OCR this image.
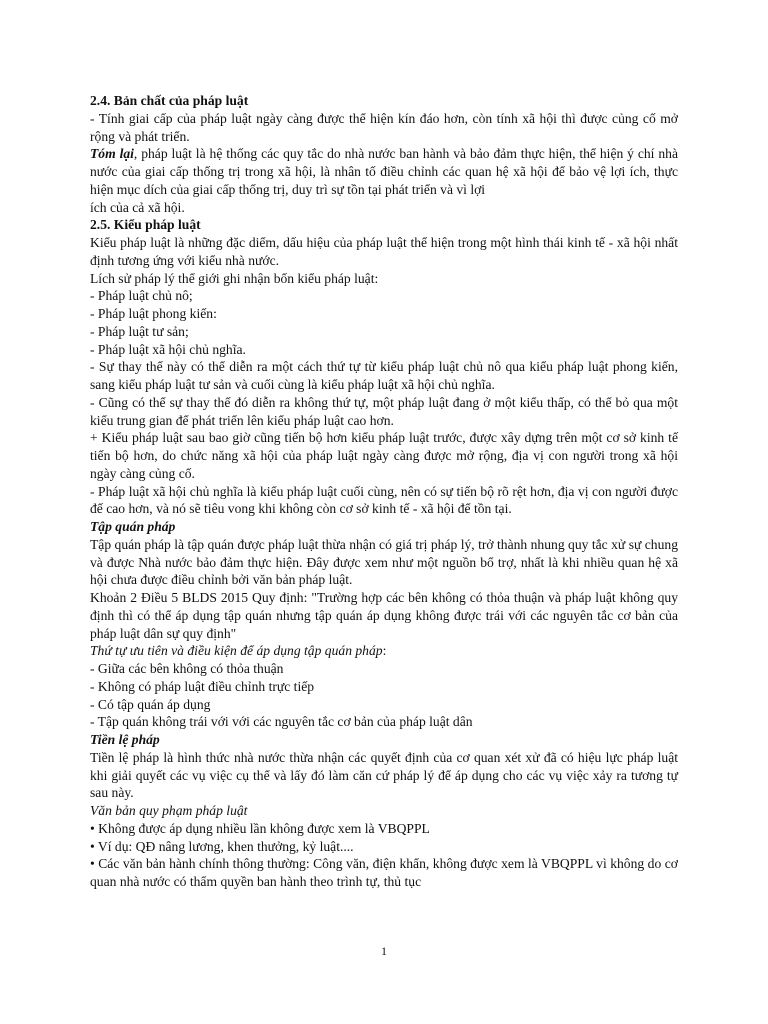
2.4. Bản chất của pháp luật

- Tính giai cấp của pháp luật ngày càng được thể hiện kín đáo hơn, còn tính xã hội thì được củng cố mở rộng và phát triển.

Tóm lại, pháp luật là hệ thống các quy tắc do nhà nước ban hành và bảo đảm thực hiện, thể hiện ý chí nhà nước của giai cấp thống trị trong xã hội, là nhân tố điều chỉnh các quan hệ xã hội để bảo vệ lợi ích, thực hiện mục dích của giai cấp thống trị, duy trì sự tồn tại phát triển và vì lợi

ích của cả xã hội.

2.5. Kiểu pháp luật

Kiểu pháp luật là những đặc diểm, dấu hiệu của pháp luật thể hiện trong một hình thái kinh tế - xã hội nhất định tương ứng với kiểu nhà nước.

Lích sử pháp lý thể giới ghi nhận bốn kiểu pháp luật:

- Pháp luật chủ nô;

- Pháp luật phong kiến:

- Pháp luật tư sản;

- Pháp luật xã hội chủ nghĩa.

- Sự thay thế này có thể diễn ra một cách thứ tự từ kiểu pháp luật chủ nô qua kiểu pháp luật phong kiến, sang kiểu pháp luật tư sản và cuối cùng là kiểu pháp luật xã hội chủ nghĩa.

- Cũng có thể sự thay thế đó diễn ra không thứ tự, một pháp luật đang ở một kiểu thấp, có thể bỏ qua một kiểu trung gian để phát triển lên kiểu pháp luật cao hơn.

+ Kiểu pháp luật sau bao giờ cũng tiến bộ hơn kiểu pháp luật trước, được xây dựng trên một cơ sở kinh tế tiến bộ hơn, do chức năng xã hội của pháp luật ngày càng được mở rộng, địa vị con người trong xã hội ngày càng củng cố.

- Pháp luật xã hội chủ nghĩa là kiểu pháp luật cuối cùng, nên có sự tiến bộ rõ rệt hơn, địa vị con người được đế cao hơn, và nó sẽ tiêu vong khi không còn cơ sở kinh tế - xã hội để tồn tại.

Tập quán pháp

Tập quán pháp là tập quán được pháp luật thừa nhận có giá trị pháp lý, trở thành nhung quy tắc xử sự chung và được Nhà nước bảo đảm thực hiện. Đây được xem như một nguồn bổ trợ, nhất là khi nhiều quan hệ xã hội chưa được điều chỉnh bởi văn bản pháp luật.

Khoản 2 Điều 5 BLDS 2015 Quy định: "Trường hợp các bên không có thỏa thuận và pháp luật không quy định thì có thể áp dụng tập quán nhưng tập quán áp dụng không được trái với các nguyên tắc cơ bản của pháp luật dân sự quy định"

Thứ tự ưu tiên và điều kiện để áp dụng tập quán pháp:

- Giữa các bên không có thỏa thuận

- Không có pháp luật điều chỉnh trực tiếp

- Có tập quán áp dụng

- Tập quán không trái với với các nguyên tắc cơ bản của pháp luật dân

Tiền lệ pháp

Tiền lệ pháp là hình thức nhà nước thừa nhận các quyết định của cơ quan xét xử đã có hiệu lực pháp luật khi giải quyết các vụ việc cụ thể và lấy đó làm căn cứ pháp lý để áp dụng cho các vụ việc xảy ra tương tự sau này.

Văn bản quy phạm pháp luật

• Không được áp dụng nhiều lần không được xem là VBQPPL

• Ví dụ: QĐ nâng lương, khen thưởng, kỷ luật....

• Các văn bản hành chính thông thường: Công văn, điện khẩn, không được xem là VBQPPL vì không do cơ quan nhà nước có thẩm quyền ban hành theo trình tự, thủ tục

1
